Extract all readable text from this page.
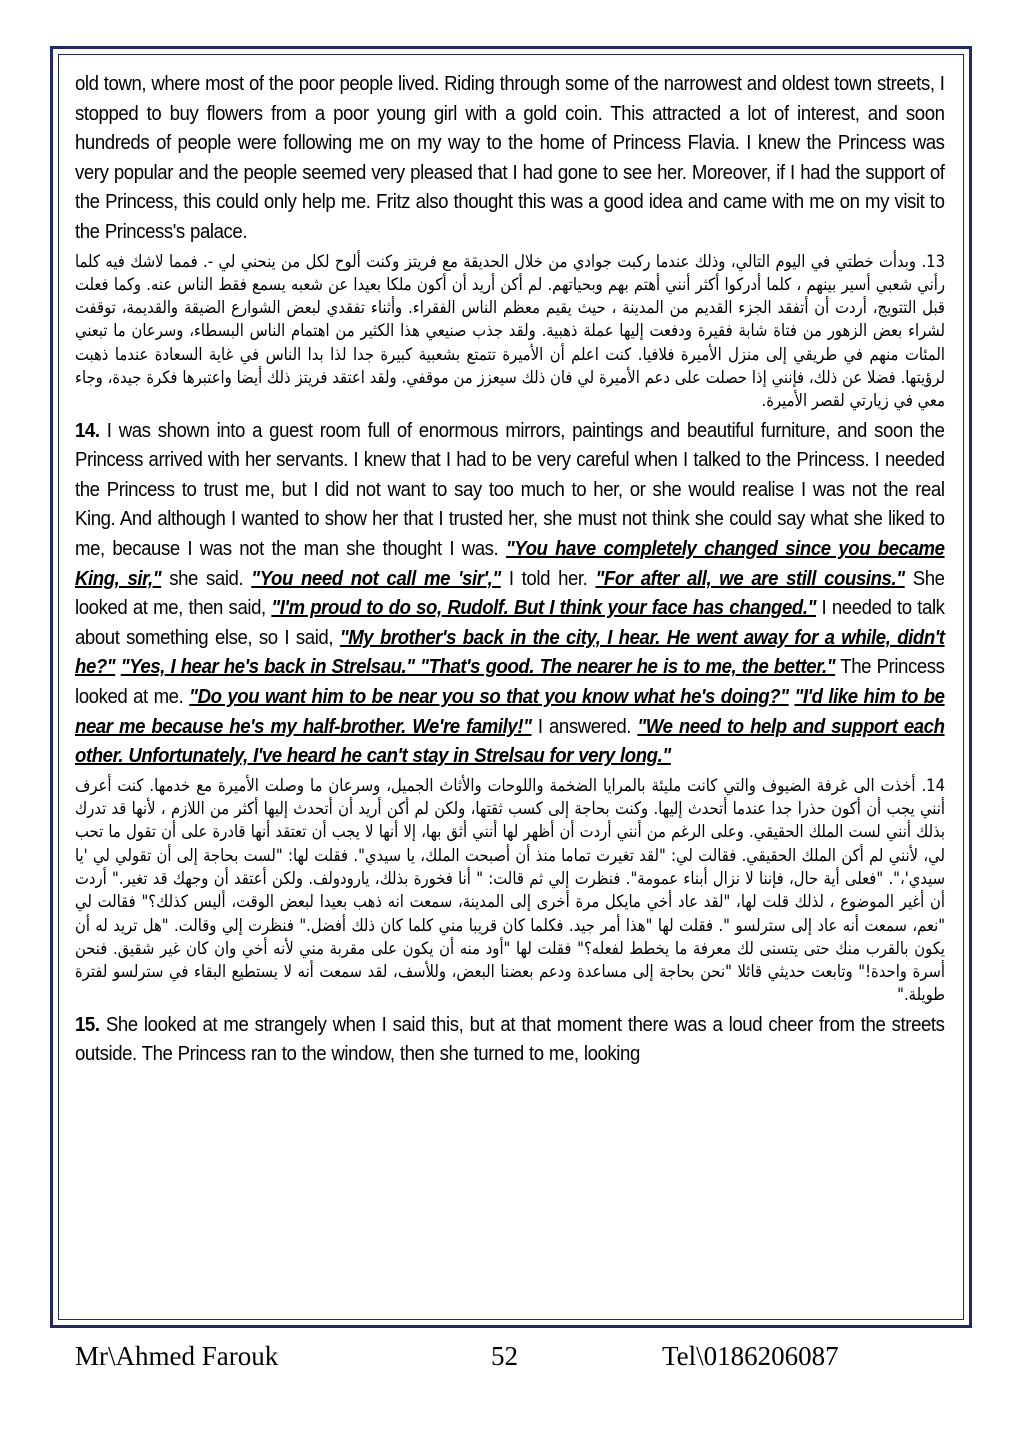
old town, where most of the poor people lived. Riding through some of the narrowest and oldest town streets, I stopped to buy flowers from a poor young girl with a gold coin. This attracted a lot of interest, and soon hundreds of people were following me on my way to the home of Princess Flavia. I knew the Princess was very popular and the people seemed very pleased that I had gone to see her. Moreover, if I had the support of the Princess, this could only help me. Fritz also thought this was a good idea and came with me on my visit to the Princess's palace.

13. وبدأت خطتي في اليوم التالي، وذلك عندما ركبت جوادي من خلال الحديقة مع فريتز وكنت ألوح لكل من ينحني لي -. فمما لاشك فيه كلما رأني شعبي أسير بينهم ، كلما أدركوا أكثر أنني أهتم بهم وبحياتهم. لم أكن أريد أن أكون ملكا بعيدا عن شعبه يسمع فقط الناس عنه. وكما فعلت قبل التتويج، أردت أن أتفقد الجزء القديم من المدينة ، حيث يقيم معظم الناس الفقراء. وأثناء تفقدي لبعض الشوارع الضيقة والقديمة، توقفت لشراء بعض الزهور من فتاة شابة فقيرة ودفعت إليها عملة ذهبية. ولقد جذب صنيعي هذا الكثير من اهتمام الناس البسطاء، وسرعان ما تبعني المئات منهم في طريقي إلى منزل الأميرة فلافيا. كنت اعلم أن الأميرة تتمتع بشعبية كبيرة جدا لذا بدا الناس في غاية السعادة عندما ذهبت لرؤيتها. فضلا عن ذلك، فإنني إذا حصلت على دعم الأميرة لي فان ذلك سيعزز من موقفي. ولقد اعتقد فريتز ذلك أيضا واعتبرها فكرة جيدة، وجاء معي في زيارتي لقصر الأميرة.

14. I was shown into a guest room full of enormous mirrors, paintings and beautiful furniture, and soon the Princess arrived with her servants. I knew that I had to be very careful when I talked to the Princess. I needed the Princess to trust me, but I did not want to say too much to her, or she would realise I was not the real King. And although I wanted to show her that I trusted her, she must not think she could say what she liked to me, because I was not the man she thought I was. "You have completely changed since you became King, sir," she said. "You need not call me 'sir'," I told her. "For after all, we are still cousins." She looked at me, then said, "I'm proud to do so, Rudolf. But I think your face has changed." I needed to talk about something else, so I said, "My brother's back in the city, I hear. He went away for a while, didn't he?" "Yes, I hear he's back in Strelsau." "That's good. The nearer he is to me, the better." The Princess looked at me. "Do you want him to be near you so that you know what he's doing?" "I'd like him to be near me because he's my half-brother. We're family!" I answered. "We need to help and support each other. Unfortunately, I've heard he can't stay in Strelsau for very long."

14. أخذت الى غرفة الضيوف والتي كانت مليئة بالمرايا الضخمة واللوحات والأثاث الجميل، وسرعان ما وصلت الأميرة مع خدمها. كنت أعرف أنني يجب أن أكون حذرا جدا عندما أتحدث إليها. وكنت بحاجة إلى كسب ثقتها، ولكن لم أكن أريد أن أتحدث إليها أكثر من اللازم ، لأنها قد تدرك بذلك أنني لست الملك الحقيقي. وعلى الرغم من أنني أردت أن أظهر لها أنني أثق بها، إلا أنها لا يجب أن تعتقد أنها قادرة على أن تقول ما تحب لي، لأنني لم أكن الملك الحقيقي. فقالت لي: "لقد تغيرت تماما منذ أن أصبحت الملك، يا سيدي". فقلت لها: "لست بحاجة إلى أن تقولي لي 'يا سيدي'،". "فعلى أية حال، فإننا لا نزال أبناء عمومة". فنظرت إلي ثم قالت: " أنا فخورة بذلك، يارودولف. ولكن أعتقد أن وجهك قد تغير." أردت أن أغير الموضوع ، لذلك قلت لها، "لقد عاد أخي مايكل مرة أخرى إلى المدينة، سمعت انه ذهب بعيدا لبعض الوقت، أليس كذلك؟" فقالت لي "نعم، سمعت أنه عاد إلى سترلسو ". فقلت لها "هذا أمر جيد. فكلما كان قريبا مني كلما كان ذلك أفضل." فنظرت إلي وقالت. "هل تريد له أن يكون بالقرب منك حتى يتسنى لك معرفة ما يخطط لفعله؟" فقلت لها "أود منه أن يكون على مقربة مني لأنه أخي وان كان غير شقيق. فنحن أسرة واحدة!" وتابعت حديثي قائلا "نحن بحاجة إلى مساعدة ودعم بعضنا البعض، وللأسف، لقد سمعت أنه لا يستطيع البقاء في سترلسو لفترة طويلة."

15. She looked at me strangely when I said this, but at that moment there was a loud cheer from the streets outside. The Princess ran to the window, then she turned to me, looking

Mr\Ahmed Farouk	52	Tel\0186206087
